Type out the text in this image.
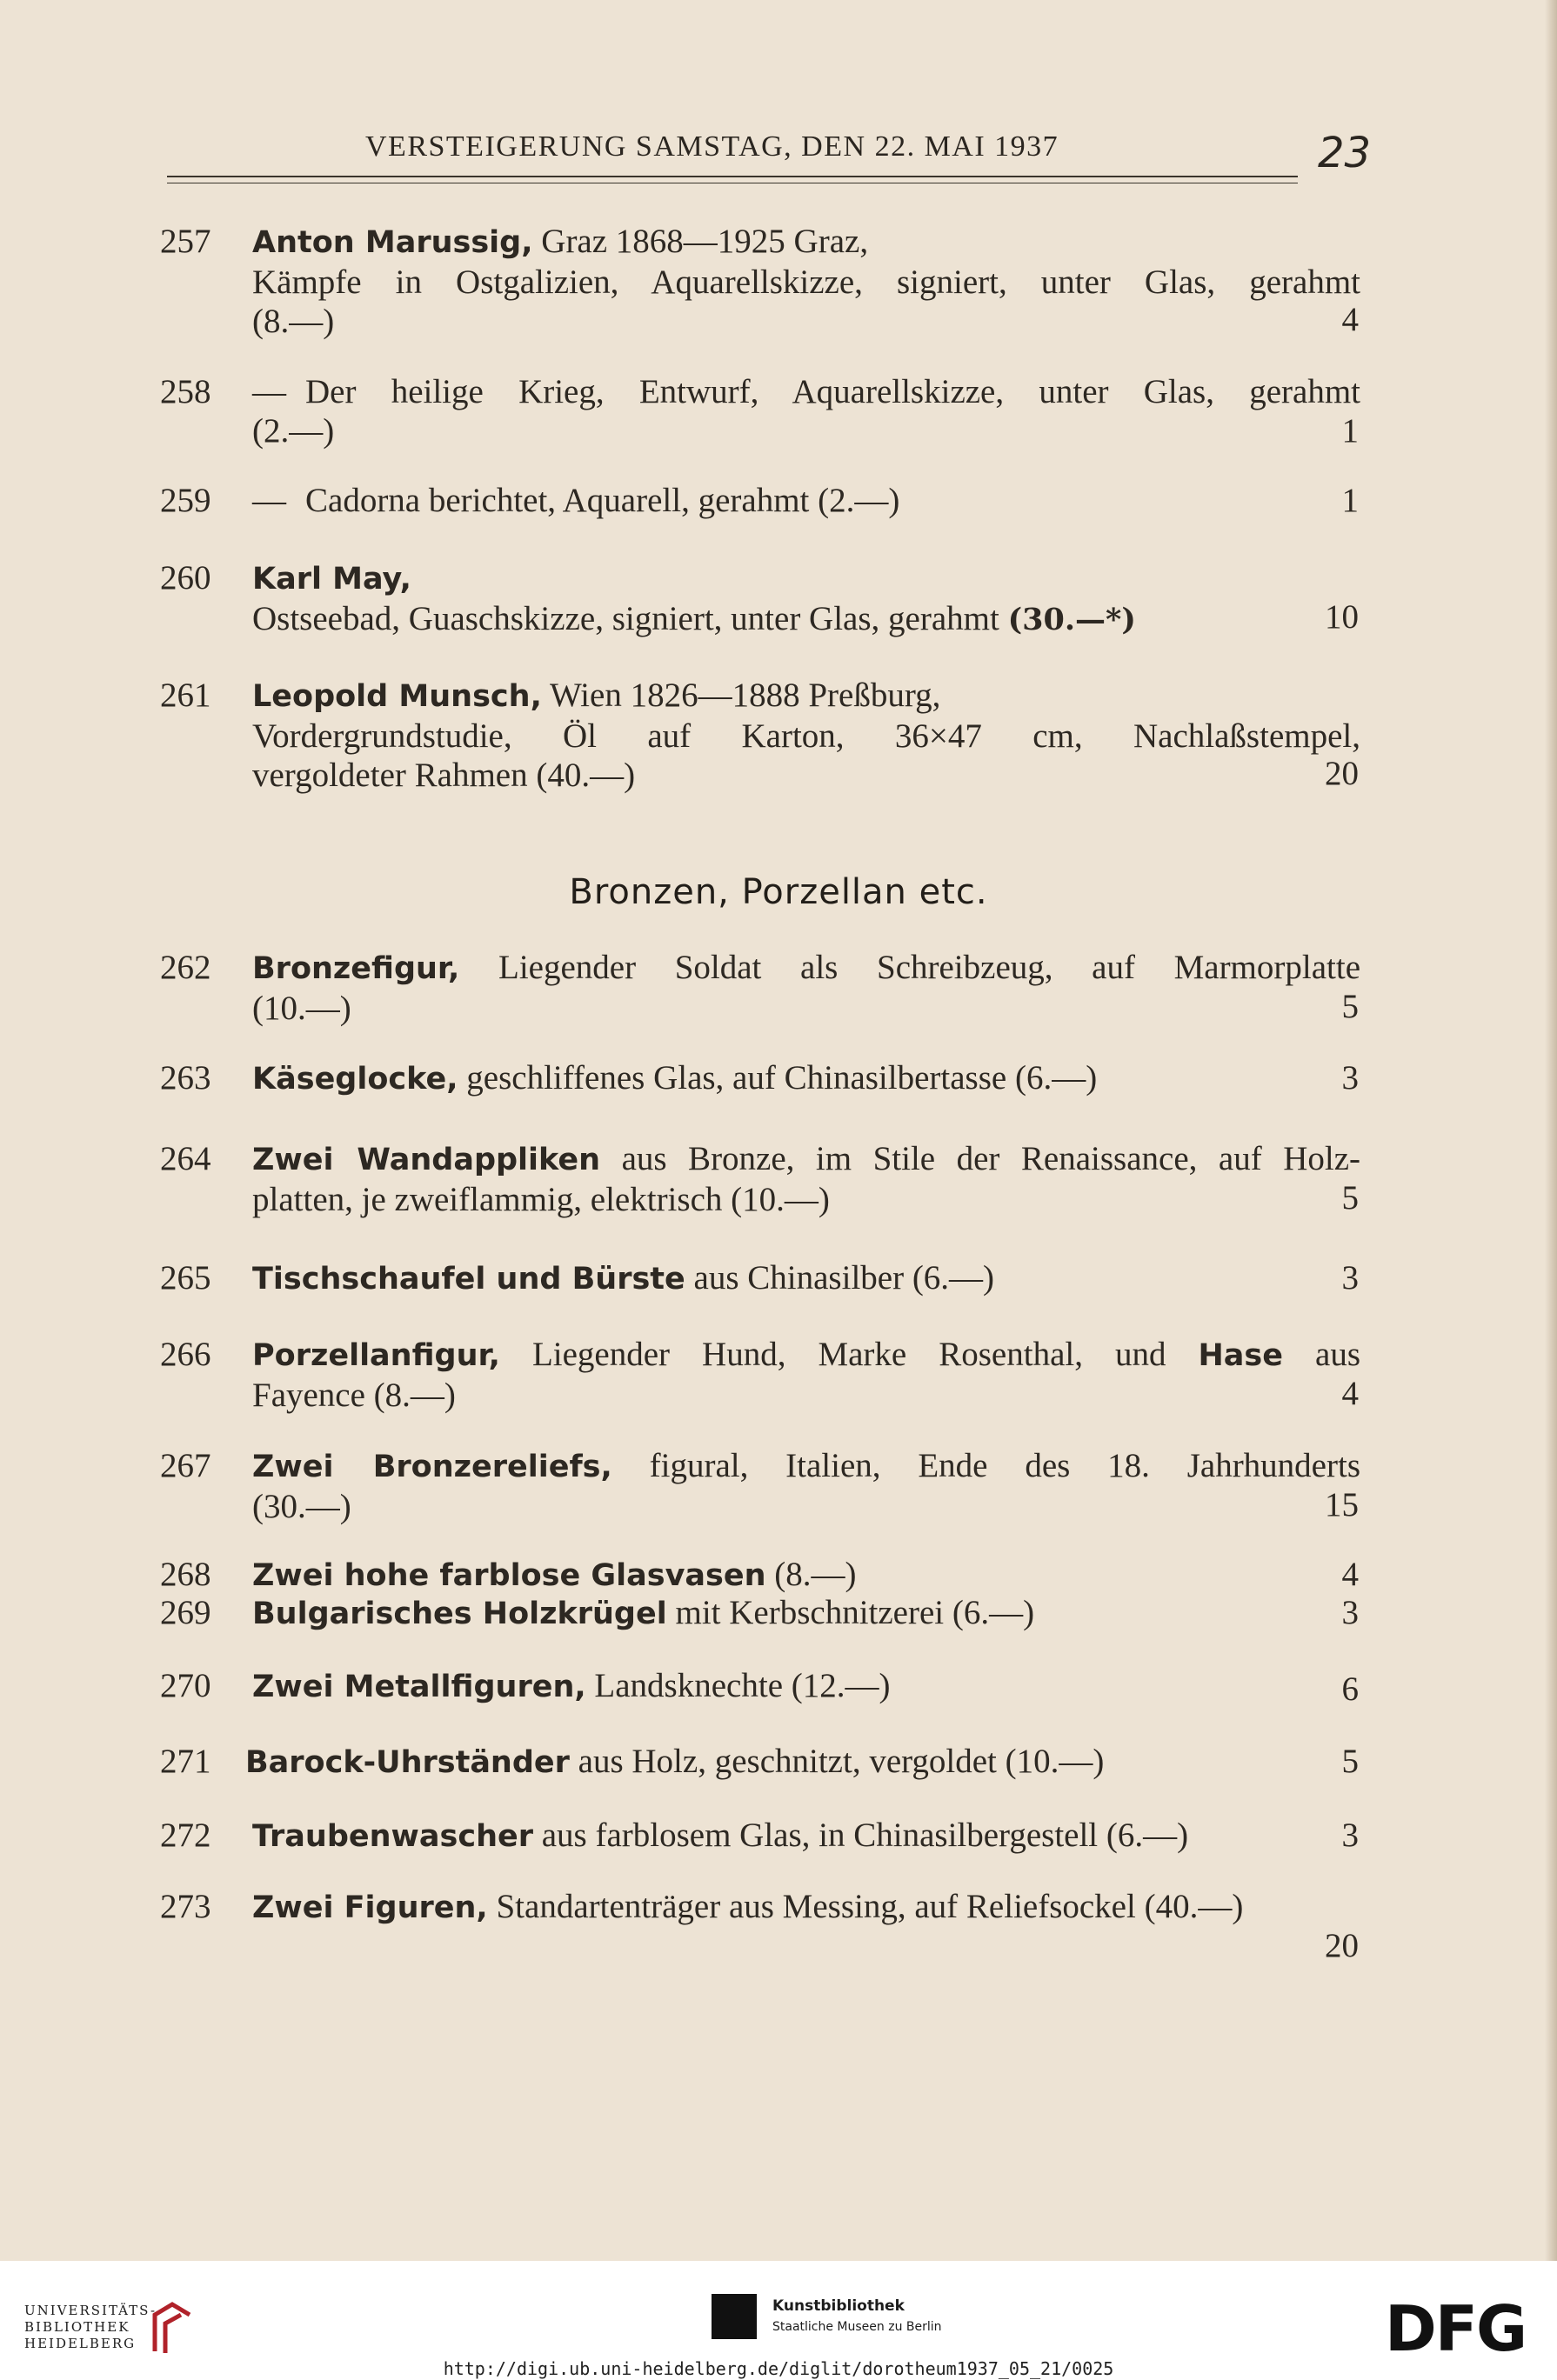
VERSTEIGERUNG SAMSTAG, DEN 22. MAI 1937	23
257 Anton Marussig, Graz 1868—1925 Graz,
Kämpfe in Ostgalizien, Aquarellskizze, signiert, unter Glas, gerahmt
(8.—)	4
258 — Der heilige Krieg, Entwurf, Aquarellskizze, unter Glas, gerahmt
(2.—)	1
259 — Cadorna berichtet, Aquarell, gerahmt (2.—)	1
260 Karl May,
Ostseebad, Guaschskizze, signiert, unter Glas, gerahmt (30.—*)	10
261 Leopold Munsch, Wien 1826—1888 Preßburg,
Vordergrundstudie, Öl auf Karton, 36×47 cm, Nachlaßstempel,
vergoldeter Rahmen (40.—)	20
Bronzen, Porzellan etc.
262 Bronzefigur, Liegender Soldat als Schreibzeug, auf Marmorplatte
(10.—)	5
263 Käseglocke, geschliffenes Glas, auf Chinasilbertasse (6.—)	3
264 Zwei Wandappliken aus Bronze, im Stile der Renaissance, auf Holz-
platten, je zweiflammig, elektrisch (10.—)	5
265 Tischschaufel und Bürste aus Chinasilber (6.—)	3
266 Porzellanfigur, Liegender Hund, Marke Rosenthal, und Hase aus
Fayence (8.—)	4
267 Zwei Bronzereliefs, figural, Italien, Ende des 18. Jahrhunderts
(30.—)	15
268 Zwei hohe farblose Glasvasen (8.—)	4
269 Bulgarisches Holzkrügel mit Kerbschnitzerei (6.—)	3
270 Zwei Metallfiguren, Landsknechte (12.—)	6
271 Barock-Uhrständer aus Holz, geschnitzt, vergoldet (10.—)	5
272 Traubenwascher aus farblosem Glas, in Chinasilbergestell (6.—)	3
273 Zwei Figuren, Standartenträger aus Messing, auf Reliefsockel (40.—)
20
UNIVERSITÄTS-
BIBLIOTHEK
HEIDELBERG
Kunstbibliothek
Staatliche Museen zu Berlin	DFG
http://digi.ub.uni-heidelberg.de/diglit/dorotheum1937_05_21/0025
